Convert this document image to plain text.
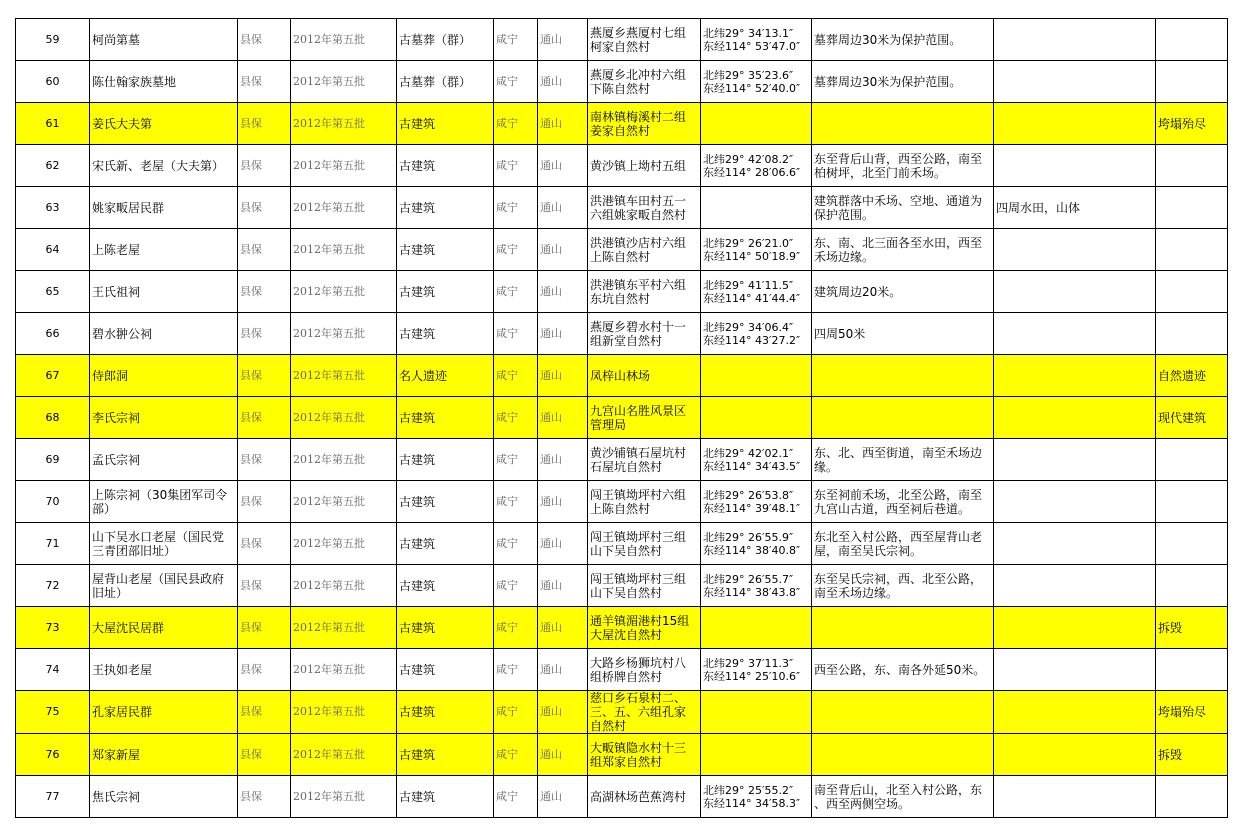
59	柯尚第墓	县保	2012年第五批	古墓葬（群）	咸宁	通山	燕厦乡燕厦村七组
柯家自然村	北纬29° 34′13.1″
东经114° 53′47.0″	墓葬周边30米为保护范围。		
60	陈仕翰家族墓地	县保	2012年第五批	古墓葬（群）	咸宁	通山	燕厦乡北冲村六组
下陈自然村	北纬29° 35′23.6″
东经114° 52′40.0″	墓葬周边30米为保护范围。		
61	姜氏大夫第	县保	2012年第五批	古建筑	咸宁	通山	南林镇梅溪村二组
姜家自然村				垮塌殆尽
62	宋氏新、老屋（大夫第）	县保	2012年第五批	古建筑	咸宁	通山	黄沙镇上坳村五组	北纬29° 42′08.2″
东经114° 28′06.6″	东至背后山背，西至公路，南至
柏树坪，北至门前禾场。		
63	姚家畈居民群	县保	2012年第五批	古建筑	咸宁	通山	洪港镇车田村五一
六组姚家畈自然村		建筑群落中禾场、空地、通道为
保护范围。	四周水田，山体	
64	上陈老屋	县保	2012年第五批	古建筑	咸宁	通山	洪港镇沙店村六组
上陈自然村	北纬29° 26′21.0″
东经114° 50′18.9″	东、南、北三面各至水田，西至
禾场边缘。		
65	王氏祖祠	县保	2012年第五批	古建筑	咸宁	通山	洪港镇东平村六组
东坑自然村	北纬29° 41′11.5″
东经114° 41′44.4″	建筑周边20米。		
66	碧水翀公祠	县保	2012年第五批	古建筑	咸宁	通山	燕厦乡碧水村十一
组新堂自然村	北纬29° 34′06.4″
东经114° 43′27.2″	四周50米		
67	侍郎洞	县保	2012年第五批	名人遗迹	咸宁	通山	凤梓山林场				自然遗迹
68	李氏宗祠	县保	2012年第五批	古建筑	咸宁	通山	九宫山名胜风景区
管理局				现代建筑
69	孟氏宗祠	县保	2012年第五批	古建筑	咸宁	通山	黄沙铺镇石屋坑村
石屋坑自然村	北纬29° 42′02.1″
东经114° 34′43.5″	东、北、西至街道，南至禾场边
缘。		
70	上陈宗祠（30集团军司令
部）	县保	2012年第五批	古建筑	咸宁	通山	闯王镇坳坪村六组
上陈自然村	北纬29° 26′53.8″
东经114° 39′48.1″	东至祠前禾场，北至公路，南至
九宫山古道，西至祠后巷道。		
71	山下吴水口老屋（国民党
三青团部旧址）	县保	2012年第五批	古建筑	咸宁	通山	闯王镇坳坪村三组
山下吴自然村	北纬29° 26′55.9″
东经114° 38′40.8″	东北至入村公路，西至屋背山老
屋，南至吴氏宗祠。		
72	屋背山老屋（国民县政府
旧址）	县保	2012年第五批	古建筑	咸宁	通山	闯王镇坳坪村三组
山下吴自然村	北纬29° 26′55.7″
东经114° 38′43.8″	东至吴氏宗祠，西、北至公路，
南至禾场边缘。		
73	大屋沈民居群	县保	2012年第五批	古建筑	咸宁	通山	通羊镇湄港村15组
大屋沈自然村				拆毁
74	王执如老屋	县保	2012年第五批	古建筑	咸宁	通山	大路乡杨狮坑村八
组桥牌自然村	北纬29° 37′11.3″
东经114° 25′10.6″	西至公路，东、南各外延50米。		
75	孔家居民群	县保	2012年第五批	古建筑	咸宁	通山	慈口乡石泉村二、
三、五、六组孔家
自然村				垮塌殆尽
76	郑家新屋	县保	2012年第五批	古建筑	咸宁	通山	大畈镇隐水村十三
组郑家自然村				拆毁
77	焦氏宗祠	县保	2012年第五批	古建筑	咸宁	通山	高湖林场芭蕉湾村	北纬29° 25′55.2″
东经114° 34′58.3″	南至背后山，北至入村公路，东
、西至两侧空场。		
